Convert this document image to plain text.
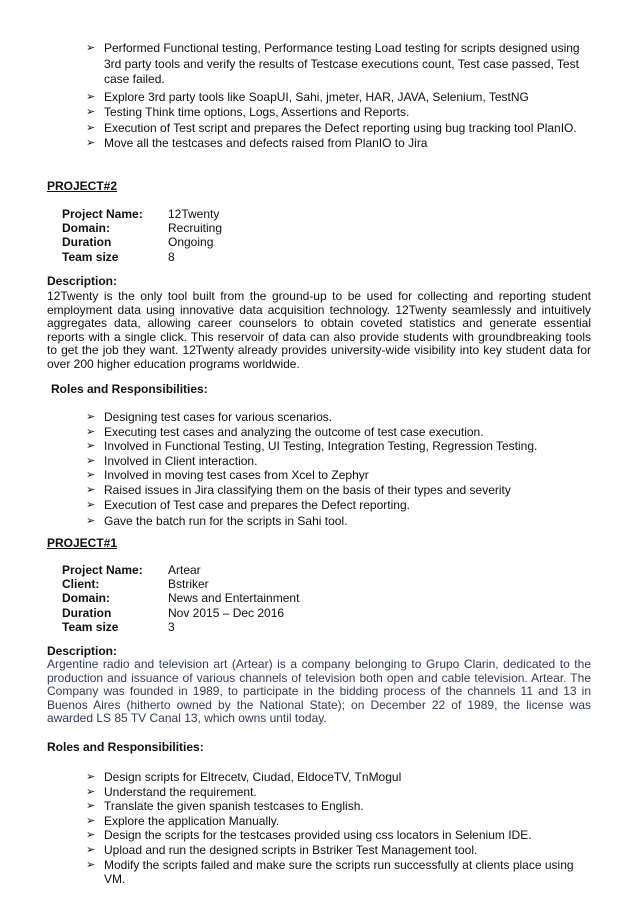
➢ Performed Functional testing, Performance testing Load testing for scripts designed using 3rd party tools and verify the results of Testcase executions count, Test case passed, Test case failed.
➢ Explore 3rd party tools like SoapUI, Sahi, jmeter, HAR, JAVA, Selenium, TestNG
➢ Testing Think time options, Logs, Assertions and Reports.
➢ Execution of Test script and prepares the Defect reporting using bug tracking tool PlanIO.
➢ Move all the testcases and defects raised from PlanIO to Jira
PROJECT#2
Project Name:	12Twenty
Domain:	Recruiting
Duration	Ongoing
Team size	8
Description:
12Twenty is the only tool built from the ground-up to be used for collecting and reporting student employment data using innovative data acquisition technology. 12Twenty seamlessly and intuitively aggregates data, allowing career counselors to obtain coveted statistics and generate essential reports with a single click. This reservoir of data can also provide students with groundbreaking tools to get the job they want. 12Twenty already provides university-wide visibility into key student data for over 200 higher education programs worldwide.
Roles and Responsibilities:
➢ Designing test cases for various scenarios.
➢ Executing test cases and analyzing the outcome of test case execution.
➢ Involved in Functional Testing, UI Testing, Integration Testing, Regression Testing.
➢ Involved in Client interaction.
➢ Involved in moving test cases from Xcel to Zephyr
➢ Raised issues in Jira classifying them on the basis of their types and severity
➢ Execution of Test case and prepares the Defect reporting.
➢ Gave the batch run for the scripts in Sahi tool.
PROJECT#1
Project Name:	Artear
Client:	Bstriker
Domain:	News and Entertainment
Duration	Nov 2015 – Dec 2016
Team size	3
Description:
Argentine radio and television art (Artear) is a company belonging to Grupo Clarin, dedicated to the production and issuance of various channels of television both open and cable television. Artear. The Company was founded in 1989, to participate in the bidding process of the channels 11 and 13 in Buenos Aires (hitherto owned by the National State); on December 22 of 1989, the license was awarded LS 85 TV Canal 13, which owns until today.
Roles and Responsibilities:
➢ Design scripts for Eltrecetv, Ciudad, EldoceTV, TnMogul
➢ Understand the requirement.
➢ Translate the given spanish testcases to English.
➢ Explore the application Manually.
➢ Design the scripts for the testcases provided using css locators in Selenium IDE.
➢ Upload and run the designed scripts in Bstriker Test Management tool.
➢ Modify the scripts failed and make sure the scripts run successfully at clients place using VM.
